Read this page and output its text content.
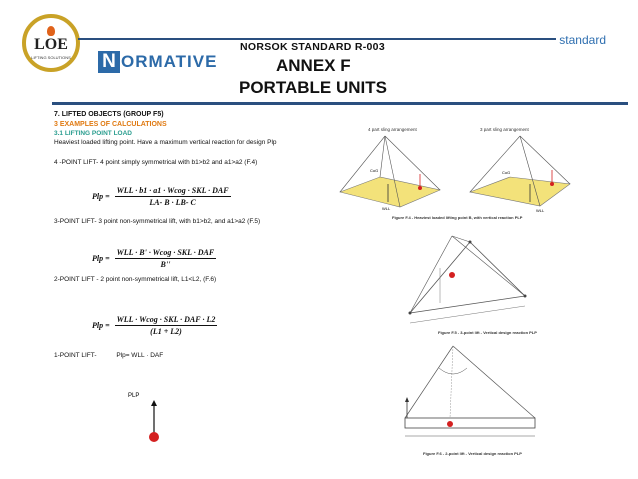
LOE
LIFTING SOLUTIONS
standard
N ORMATIVE
NORSOK STANDARD R-003
ANNEX F
PORTABLE UNITS
7. LIFTED OBJECTS (GROUP F5)
3 EXAMPLES OF CALCULATIONS
3.1 LIFTING POINT LOAD
Heaviest loaded lifting point. Have a maximum vertical reaction for design Plp
4 -POINT LIFT- 4 point simply symmetrical with b1>b2 and a1>a2 (F.4)
Plp = $\frac{\text{WLL · b1 · a1 · Wcog · SKL · DAF}}{LA- B \cdot LB- C}$
3-POINT LIFT- 3 point non-symmetrical lift, with b1>b2, and a1>a2 (F.5)
Plp = $\frac{\text{WLL · B' · Wcog · SKL · DAF}}{B''}$
2-POINT LIFT - 2 point non-symmetrical lift, L1<L2, (F.6)
Plp = $\frac{\text{WLL · Wcog · SKL · DAF · L2}}{(L1 + L2)}$
1-POINT LIFT-	Plp= WLL · DAF
PLP
4 part sling arrangement	3 part sling arrangement
WLL
CoG
WLL
CoG
Figure F.4 - Heaviest loaded lifting point B, with vertical reaction PLP
Figure F.5 - 3-point lift - Vertical design reaction PLP
Figure F.6 - 2-point lift - Vertical design reaction PLP
